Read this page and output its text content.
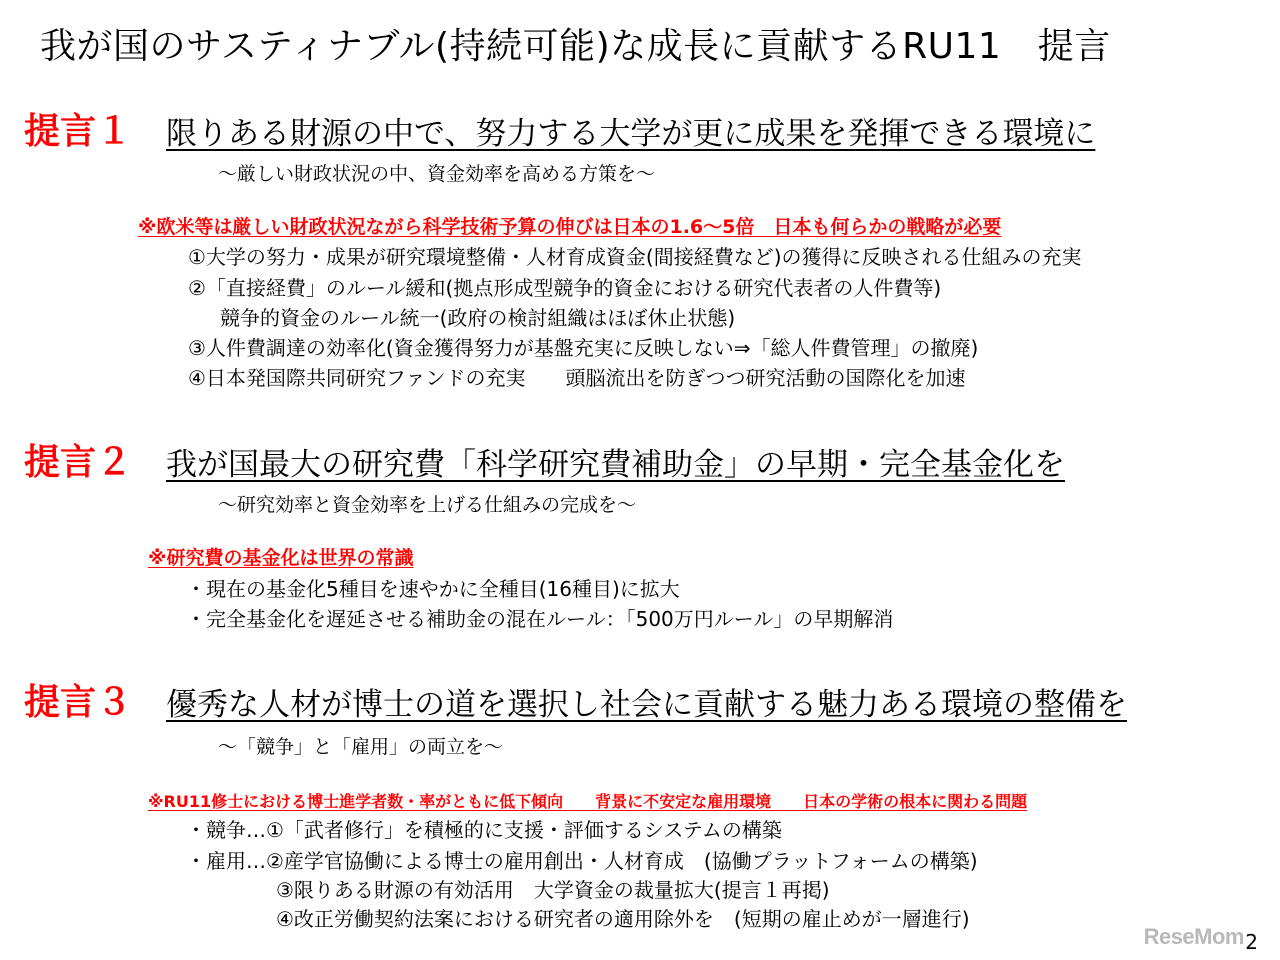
我が国のサスティナブル(持続可能)な成長に貢献するRU11　提言
提言１ 限りある財源の中で、努力する大学が更に成果を発揮できる環境に
～厳しい財政状況の中、資金効率を高める方策を～
※欧米等は厳しい財政状況ながら科学技術予算の伸びは日本の1.6～5倍　日本も何らかの戦略が必要
①大学の努力・成果が研究環境整備・人材育成資金(間接経費など)の獲得に反映される仕組みの充実
②「直接経費」のルール緩和(拠点形成型競争的資金における研究代表者の人件費等)
競争的資金のルール統一(政府の検討組織はほぼ休止状態)
③人件費調達の効率化(資金獲得努力が基盤充実に反映しない⇒「総人件費管理」の撤廃)
④日本発国際共同研究ファンドの充実　　頭脳流出を防ぎつつ研究活動の国際化を加速
提言２ 我が国最大の研究費「科学研究費補助金」の早期・完全基金化を
～研究効率と資金効率を上げる仕組みの完成を～
※研究費の基金化は世界の常識
・現在の基金化5種目を速やかに全種目(16種目)に拡大
・完全基金化を遅延させる補助金の混在ルール：「500万円ルール」の早期解消
提言３ 優秀な人材が博士の道を選択し社会に貢献する魅力ある環境の整備を
～「競争」と「雇用」の両立を～
※RU11修士における博士進学者数・率がともに低下傾向　　背景に不安定な雇用環境　　日本の学術の根本に関わる問題
・競争…①「武者修行」を積極的に支援・評価するシステムの構築
・雇用…②産学官協働による博士の雇用創出・人材育成　(協働プラットフォームの構築)
③限りある財源の有効活用　大学資金の裁量拡大(提言１再掲)
④改正労働契約法案における研究者の適用除外を　(短期の雇止めが一層進行)
ReseMom 2
